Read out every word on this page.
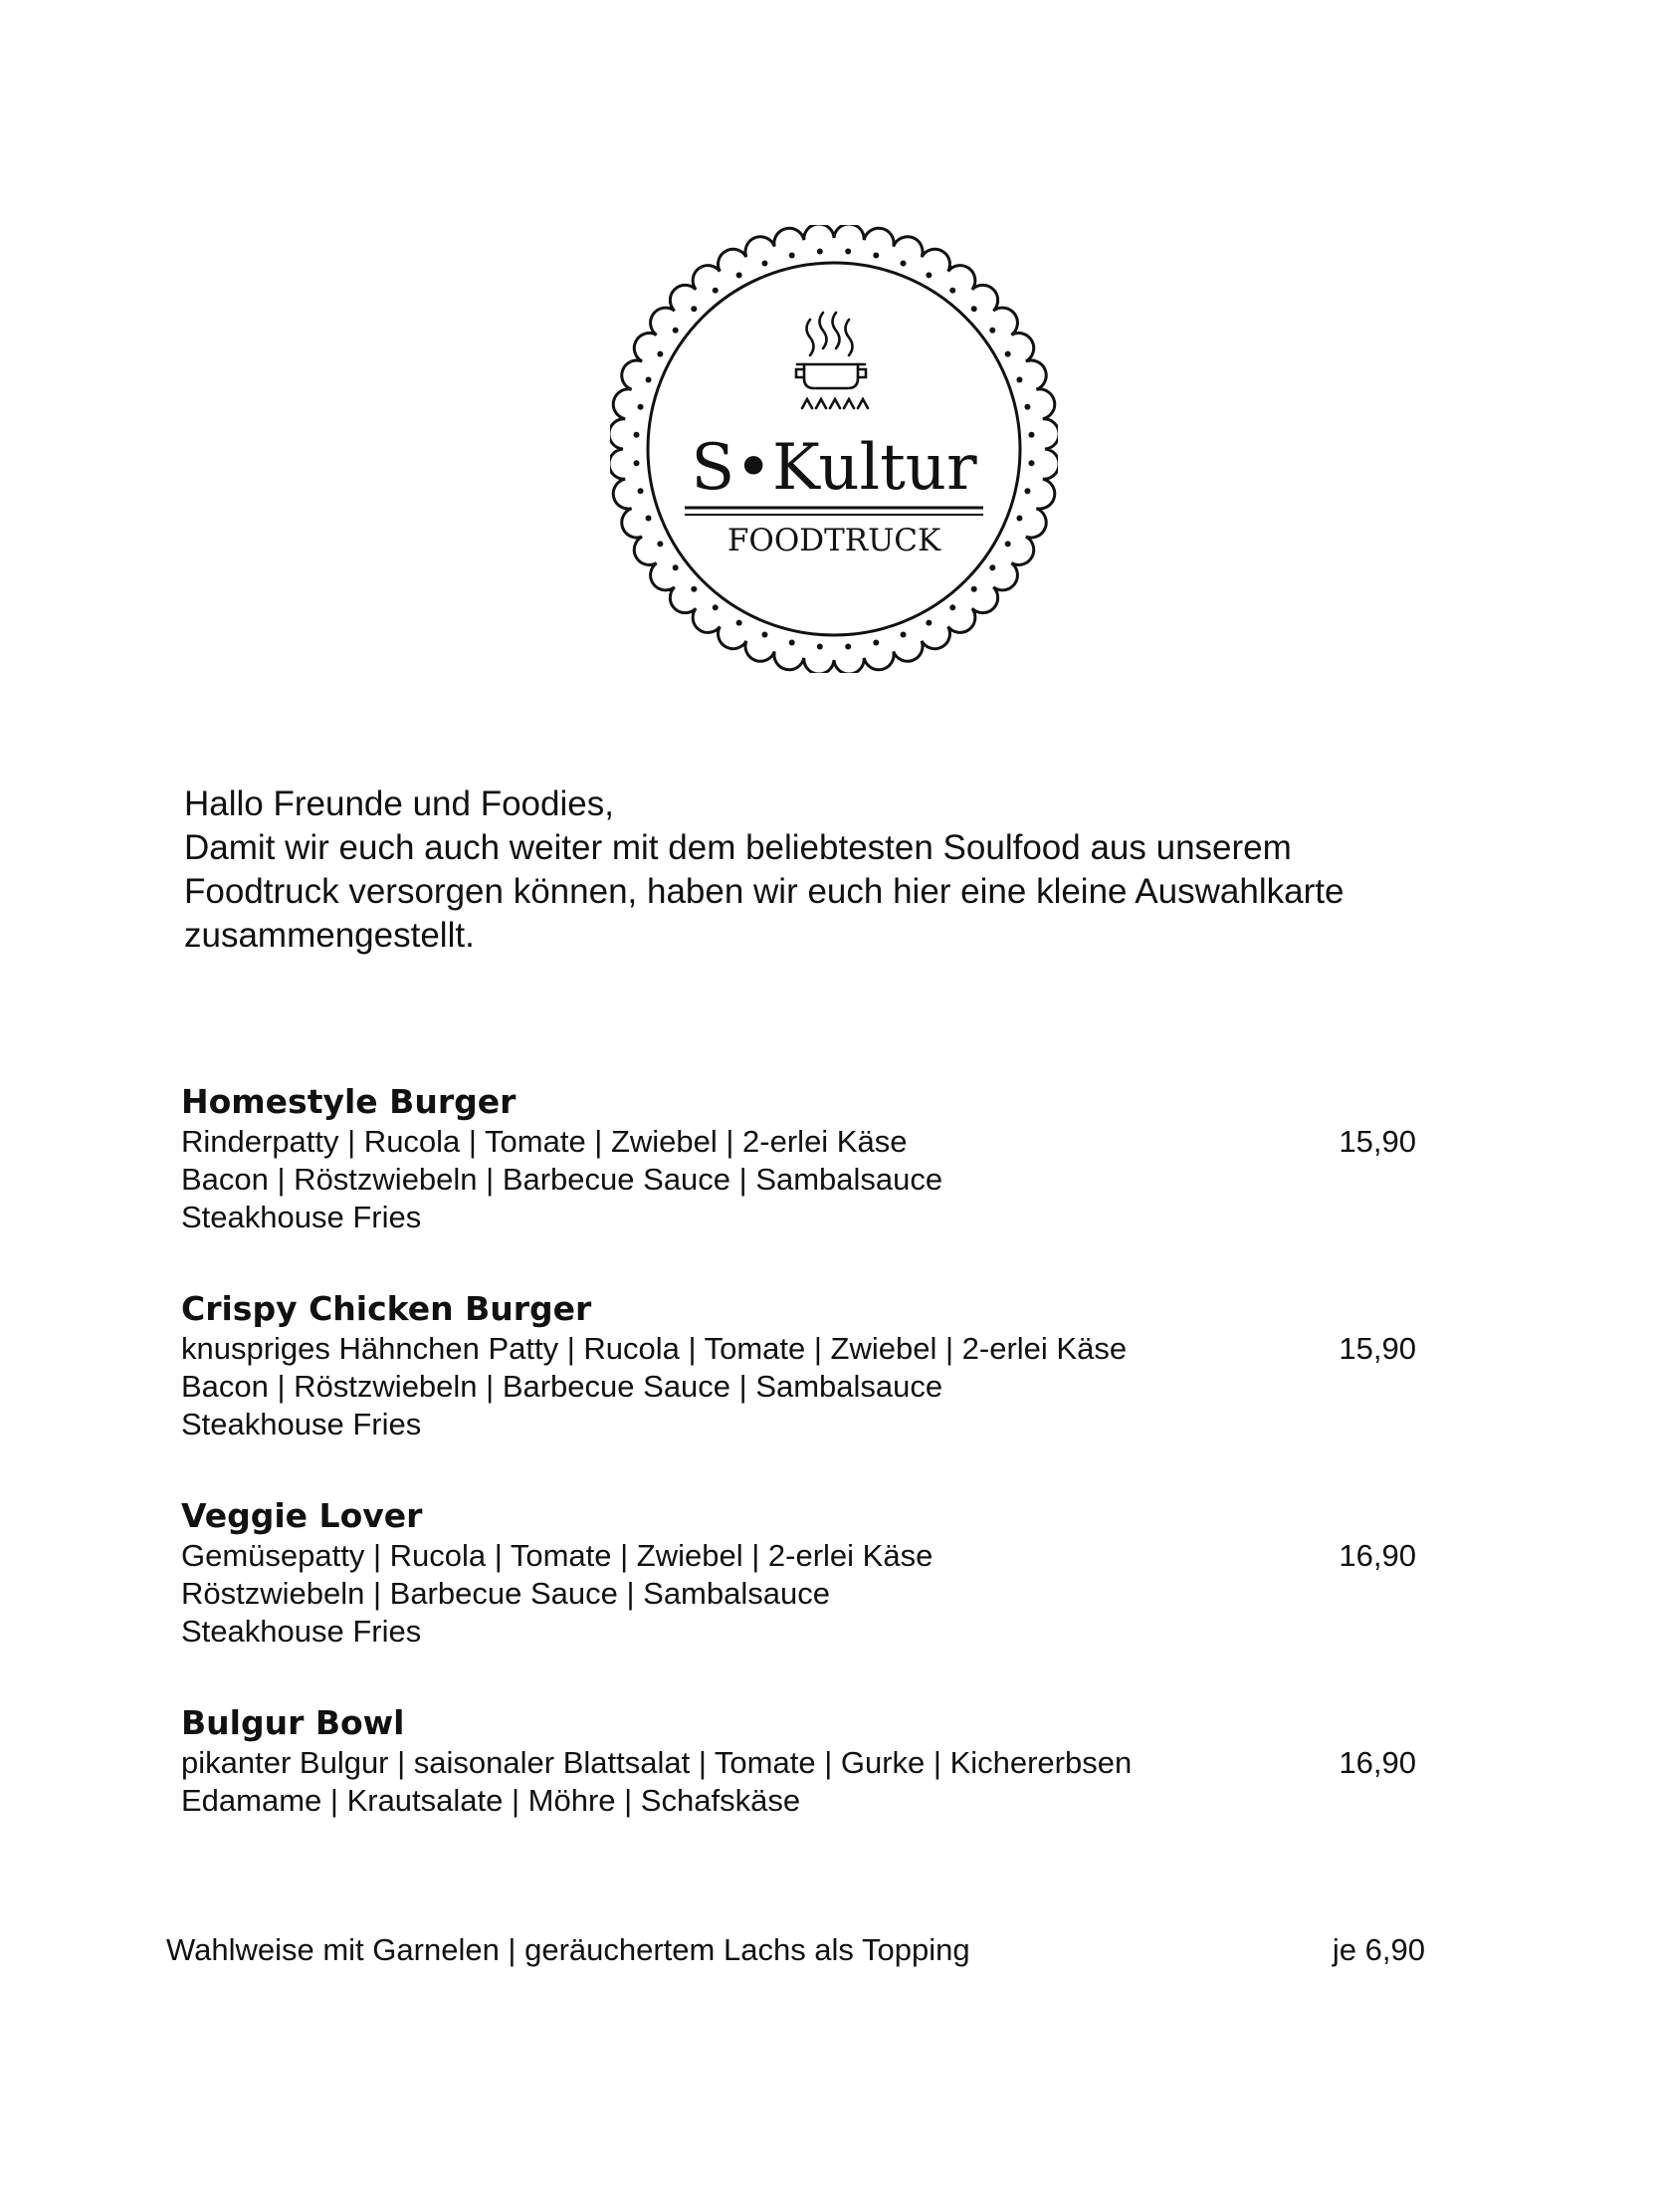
S•Kultur
FOODTRUCK

Hallo Freunde und Foodies,

Damit wir euch auch weiter mit dem beliebtesten Soulfood aus unserem

Foodtruck versorgen können, haben wir euch hier eine kleine Auswahlkarte

zusammengestellt.

Homestyle Burger

Rinderpatty | Rucola | Tomate | Zwiebel | 2-erlei Käse
Bacon | Röstzwiebeln | Barbecue Sauce | Sambalsauce
Steakhouse Fries
15,90

Crispy Chicken Burger

knuspriges Hähnchen Patty | Rucola | Tomate | Zwiebel | 2-erlei Käse
Bacon | Röstzwiebeln | Barbecue Sauce | Sambalsauce
Steakhouse Fries
15,90

Veggie Lover

Gemüsepatty | Rucola | Tomate | Zwiebel | 2-erlei Käse
Röstzwiebeln | Barbecue Sauce | Sambalsauce
Steakhouse Fries
16,90

Bulgur Bowl

pikanter Bulgur | saisonaler Blattsalat | Tomate | Gurke | Kichererbsen
Edamame | Krautsalate | Möhre | Schafskäse
16,90
Wahlweise mit Garnelen | geräuchertem Lachs als Topping	je 6,90
